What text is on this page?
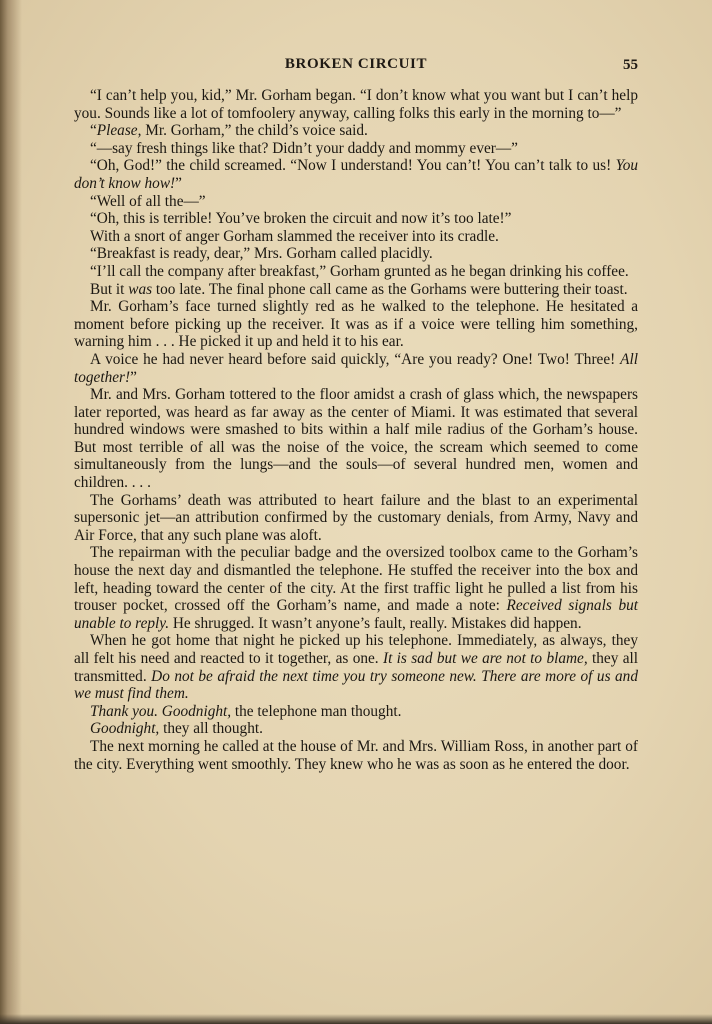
BROKEN CIRCUIT	55

“I can’t help you, kid,” Mr. Gorham began. “I don’t know what you want but I can’t help you. Sounds like a lot of tomfoolery anyway, calling folks this early in the morning to—”

“Please, Mr. Gorham,” the child’s voice said.

“—say fresh things like that? Didn’t your daddy and mommy ever—”

“Oh, God!” the child screamed. “Now I understand! You can’t! You can’t talk to us! You don’t know how!”

“Well of all the—”

“Oh, this is terrible! You’ve broken the circuit and now it’s too late!”

With a snort of anger Gorham slammed the receiver into its cradle.

“Breakfast is ready, dear,” Mrs. Gorham called placidly.

“I’ll call the company after breakfast,” Gorham grunted as he began drinking his coffee.

But it was too late. The final phone call came as the Gorhams were buttering their toast.

Mr. Gorham’s face turned slightly red as he walked to the telephone. He hesitated a moment before picking up the receiver. It was as if a voice were telling him something, warning him . . . He picked it up and held it to his ear.

A voice he had never heard before said quickly, “Are you ready? One! Two! Three! All together!”

Mr. and Mrs. Gorham tottered to the floor amidst a crash of glass which, the newspapers later reported, was heard as far away as the center of Miami. It was estimated that several hundred windows were smashed to bits within a half mile radius of the Gorham’s house. But most terrible of all was the noise of the voice, the scream which seemed to come simultaneously from the lungs—and the souls—of several hundred men, women and children. . . .

The Gorhams’ death was attributed to heart failure and the blast to an experimental supersonic jet—an attribution confirmed by the customary denials, from Army, Navy and Air Force, that any such plane was aloft.

The repairman with the peculiar badge and the oversized toolbox came to the Gorham’s house the next day and dismantled the telephone. He stuffed the receiver into the box and left, heading toward the center of the city. At the first traffic light he pulled a list from his trouser pocket, crossed off the Gorham’s name, and made a note: Received signals but unable to reply. He shrugged. It wasn’t anyone’s fault, really. Mistakes did happen.

When he got home that night he picked up his telephone. Immediately, as always, they all felt his need and reacted to it together, as one. It is sad but we are not to blame, they all transmitted. Do not be afraid the next time you try someone new. There are more of us and we must find them.

Thank you. Goodnight, the telephone man thought.

Goodnight, they all thought.

The next morning he called at the house of Mr. and Mrs. William Ross, in another part of the city. Everything went smoothly. They knew who he was as soon as he entered the door.
